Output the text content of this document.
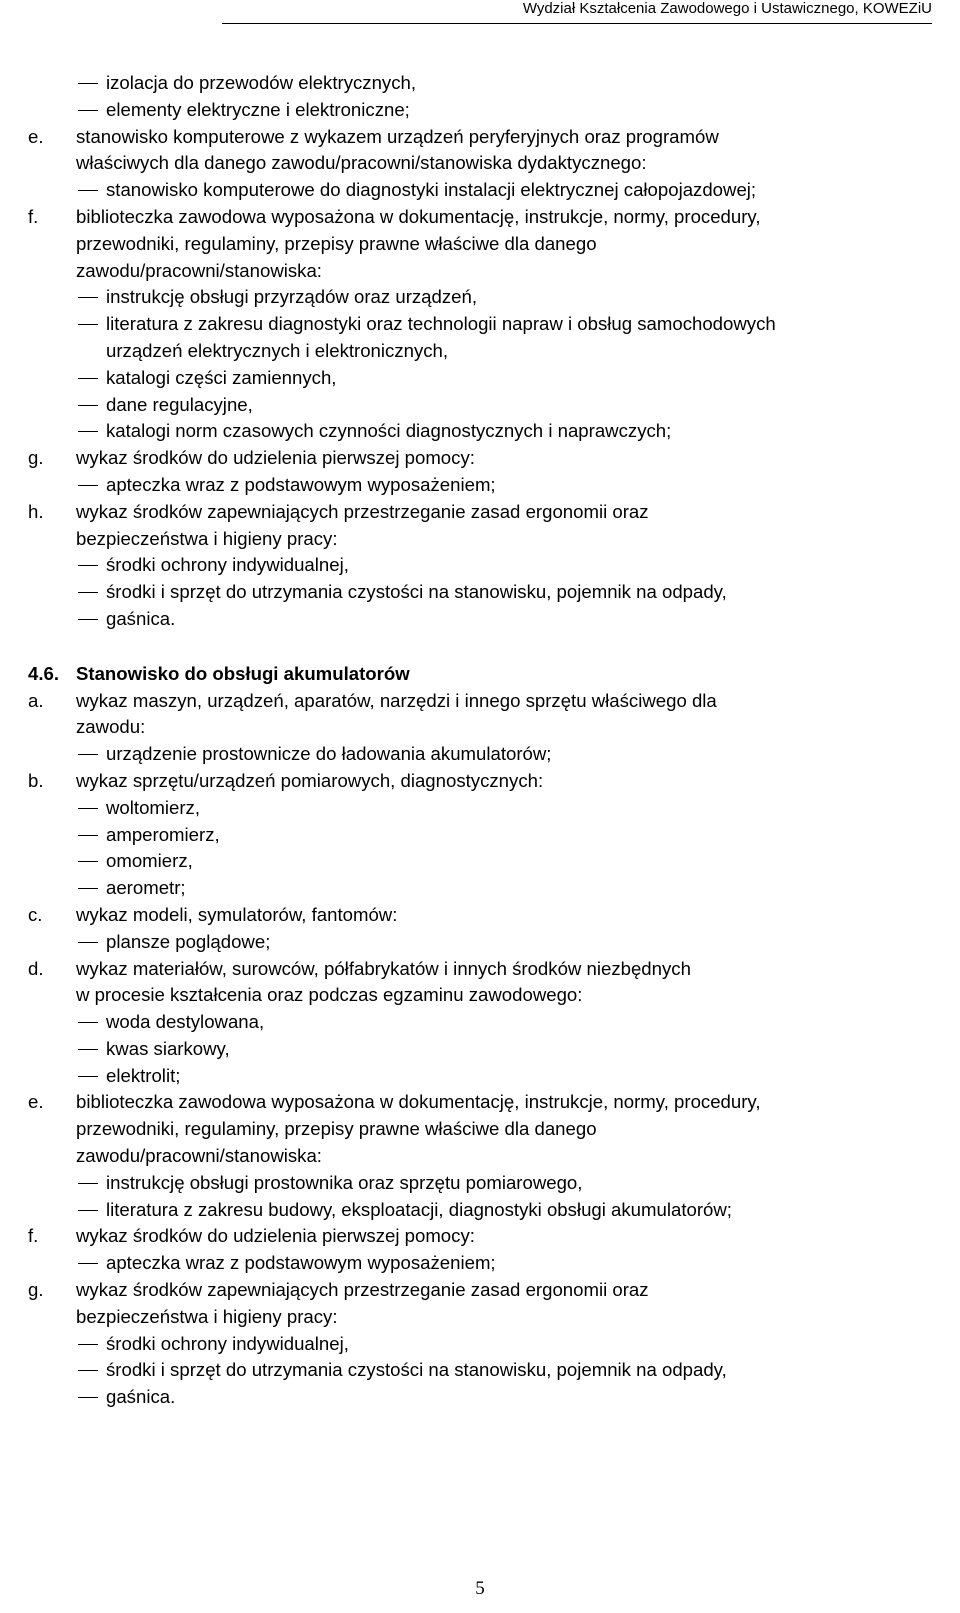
Wydział Kształcenia Zawodowego i Ustawicznego, KOWEZiU
izolacja do przewodów elektrycznych,
elementy elektryczne i elektroniczne;
e. stanowisko komputerowe z wykazem urządzeń peryferyjnych oraz programów
właściwych dla danego zawodu/pracowni/stanowiska dydaktycznego:
stanowisko komputerowe do diagnostyki instalacji elektrycznej całopojazdowej;
f. biblioteczka zawodowa wyposażona w dokumentację, instrukcje, normy, procedury,
przewodniki, regulaminy, przepisy prawne właściwe dla danego
zawodu/pracowni/stanowiska:
instrukcję obsługi przyrządów oraz urządzeń,
literatura z zakresu diagnostyki oraz technologii napraw i obsług samochodowych
urządzeń elektrycznych i elektronicznych,
katalogi części zamiennych,
dane regulacyjne,
katalogi norm czasowych czynności diagnostycznych i naprawczych;
g. wykaz środków do udzielenia pierwszej pomocy:
apteczka wraz z podstawowym wyposażeniem;
h. wykaz środków zapewniających przestrzeganie zasad ergonomii oraz
bezpieczeństwa i higieny pracy:
środki ochrony indywidualnej,
środki i sprzęt do utrzymania czystości na stanowisku, pojemnik na odpady,
gaśnica.
4.6. Stanowisko do obsługi akumulatorów
a. wykaz maszyn, urządzeń, aparatów, narzędzi i innego sprzętu właściwego dla
zawodu:
urządzenie prostownicze do ładowania akumulatorów;
b. wykaz sprzętu/urządzeń pomiarowych, diagnostycznych:
woltomierz,
amperomierz,
omomierz,
aerometr;
c. wykaz modeli, symulatorów, fantomów:
plansze poglądowe;
d. wykaz materiałów, surowców, półfabrykatów i innych środków niezbędnych
w procesie kształcenia oraz podczas egzaminu zawodowego:
woda destylowana,
kwas siarkowy,
elektrolit;
e. biblioteczka zawodowa wyposażona w dokumentację, instrukcje, normy, procedury,
przewodniki, regulaminy, przepisy prawne właściwe dla danego
zawodu/pracowni/stanowiska:
instrukcję obsługi prostownika oraz sprzętu pomiarowego,
literatura z zakresu budowy, eksploatacji, diagnostyki obsługi akumulatorów;
f. wykaz środków do udzielenia pierwszej pomocy:
apteczka wraz z podstawowym wyposażeniem;
g. wykaz środków zapewniających przestrzeganie zasad ergonomii oraz
bezpieczeństwa i higieny pracy:
środki ochrony indywidualnej,
środki i sprzęt do utrzymania czystości na stanowisku, pojemnik na odpady,
gaśnica.
5
